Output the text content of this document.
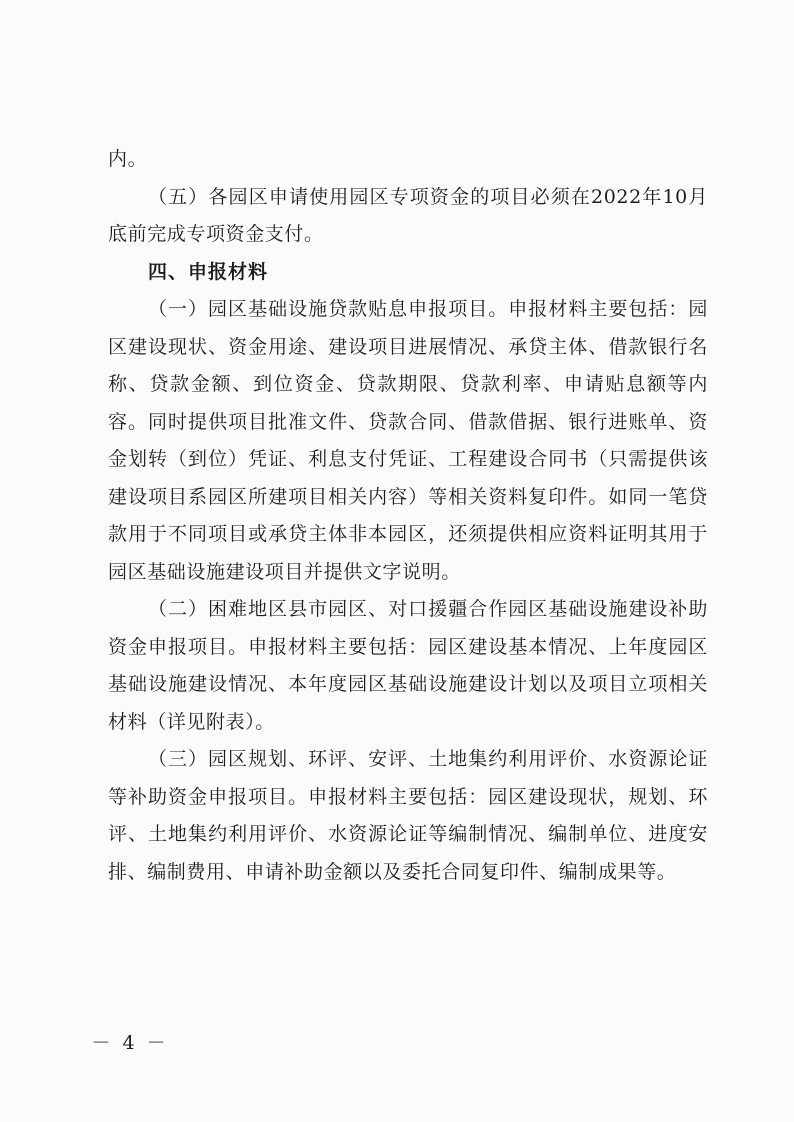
内。

（五）各园区申请使用园区专项资金的项目必须在2022年10月底前完成专项资金支付。

四、申报材料

（一）园区基础设施贷款贴息申报项目。申报材料主要包括：园区建设现状、资金用途、建设项目进展情况、承贷主体、借款银行名称、贷款金额、到位资金、贷款期限、贷款利率、申请贴息额等内容。同时提供项目批准文件、贷款合同、借款借据、银行进账单、资金划转（到位）凭证、利息支付凭证、工程建设合同书（只需提供该建设项目系园区所建项目相关内容）等相关资料复印件。如同一笔贷款用于不同项目或承贷主体非本园区，还须提供相应资料证明其用于园区基础设施建设项目并提供文字说明。

（二）困难地区县市园区、对口援疆合作园区基础设施建设补助资金申报项目。申报材料主要包括：园区建设基本情况、上年度园区基础设施建设情况、本年度园区基础设施建设计划以及项目立项相关材料（详见附表）。

（三）园区规划、环评、安评、土地集约利用评价、水资源论证等补助资金申报项目。申报材料主要包括：园区建设现状，规划、环评、土地集约利用评价、水资源论证等编制情况、编制单位、进度安排、编制费用、申请补助金额以及委托合同复印件、编制成果等。

－ 4 －
